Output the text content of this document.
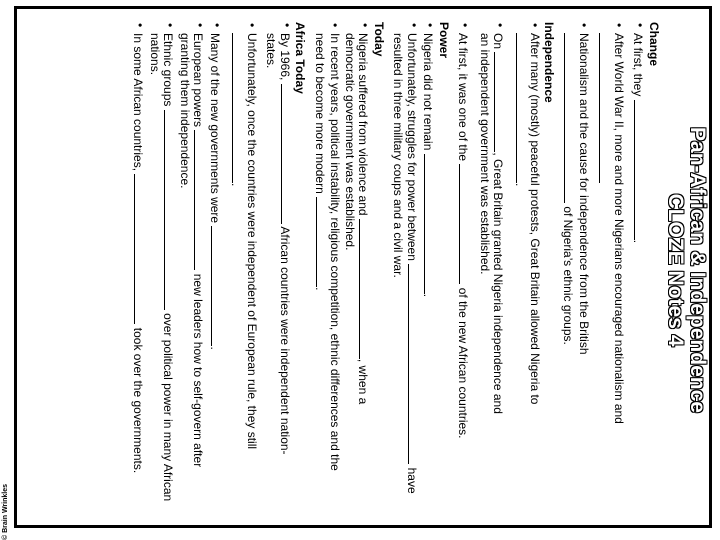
Pan-African & Independence
CLOZE Notes 4
Change
• At first, they .
• After World War II, more and more Nigerians encouraged nationalism and
• Nationalism and the cause for independence from the British
of Nigeria’s ethnic groups.
Independence
• After many (mostly) peaceful protests, Great Britain allowed Nigeria to
.
• On , Great Britain granted Nigeria independence and
an independent government was established.
• At first, it was one of the  of the new African countries.
Power
• Nigeria did not remain .
• Unfortunately, struggles for power between  have
resulted in three military coups and a civil war.
Today
• Nigeria suffered from violence and , when a
democratic government was established.
• In recent years, political instability, religious competition, ethnic differences and the
need to become more modern .
Africa Today
• By 1966,  African countries were independent nation-
states.
• Unfortunately, once the countries were independent of European rule, they still
.
• Many of the new governments were .
• European powers  new leaders how to self-govern after
granting them independence.
• Ethnic groups  over political power in many African
nations.
• In some African countries,  took over the governments.
© Brain Wrinkles
